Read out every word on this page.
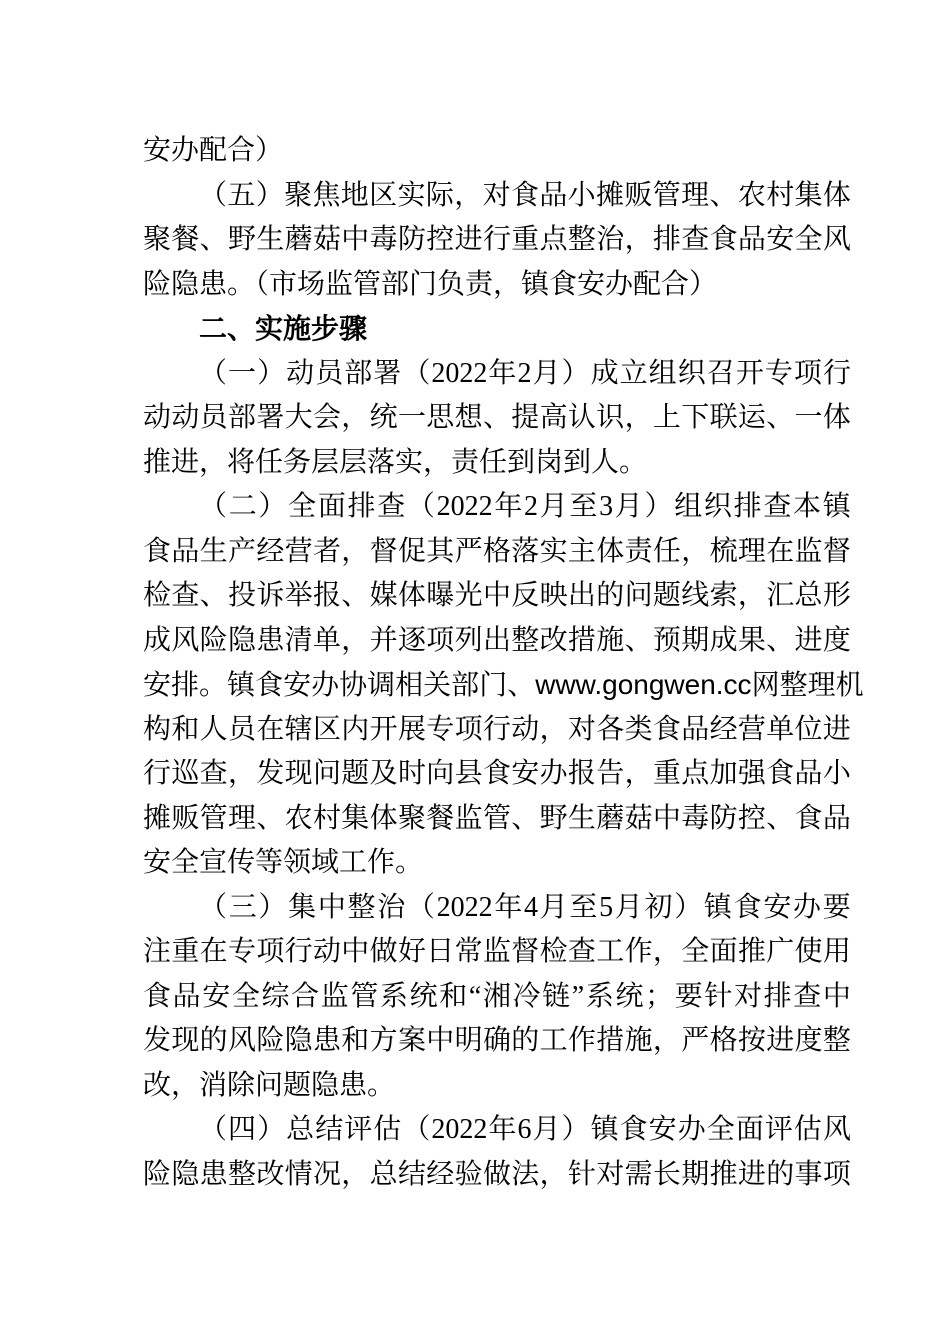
安办配合）
（ 五 ） 聚 焦 地 区 实 际 ， 对 食 品 小 摊 贩 管 理 、 农 村 集 体
聚 餐 、 野 生 蘑 菇 中 毒 防 控 进 行 重 点 整 治 ， 排 查 食 品 安 全 风
险隐患。（市场监管部门负责，镇食安办配合）
二、实施步骤
（ 一 ） 动 员 部 署 （ 2022 年 2 月 ） 成 立 组 织 召 开 专 项 行
动 动 员 部 署 大 会 ， 统 一 思 想 、 提 高 认 识 ， 上 下 联 运 、 一 体
推进，将任务层层落实，责任到岗到人。
（ 二 ） 全 面 排 查 （ 2022 年 2 月 至 3 月 ） 组 织 排 查 本 镇
食 品 生 产 经 营 者 ， 督 促 其 严 格 落 实 主 体 责 任 ， 梳 理 在 监 督
检 查 、 投 诉 举 报 、 媒 体 曝 光 中 反 映 出 的 问 题 线 索 ， 汇 总 形
成 风 险 隐 患 清 单 ， 并 逐 项 列 出 整 改 措 施 、 预 期 成 果 、 进 度
安 排 。 镇 食 安 办 协 调 相 关 部 门 、 www.gongwen.cc 网 整 理 机
构 和 人 员 在 辖 区 内 开 展 专 项 行 动 ， 对 各 类 食 品 经 营 单 位 进
行 巡 查 ， 发 现 问 题 及 时 向 县 食 安 办 报 告 ， 重 点 加 强 食 品 小
摊 贩 管 理 、 农 村 集 体 聚 餐 监 管 、 野 生 蘑 菇 中 毒 防 控 、 食 品
安全宣传等领域工作。
（ 三 ） 集 中 整 治 （ 2022 年 4 月 至 5 月 初 ） 镇 食 安 办 要
注 重 在 专 项 行 动 中 做 好 日 常 监 督 检 查 工 作 ， 全 面 推 广 使 用
食 品 安 全 综 合 监 管 系 统 和 “ 湘 冷 链 ” 系 统 ； 要 针 对 排 查 中
发 现 的 风 险 隐 患 和 方 案 中 明 确 的 工 作 措 施 ， 严 格 按 进 度 整
改，消除问题隐患。
（ 四 ） 总 结 评 估 （ 2022 年 6 月 ） 镇 食 安 办 全 面 评 估 风
险 隐 患 整 改 情 况 ， 总 结 经 验 做 法 ， 针 对 需 长 期 推 进 的 事 项
